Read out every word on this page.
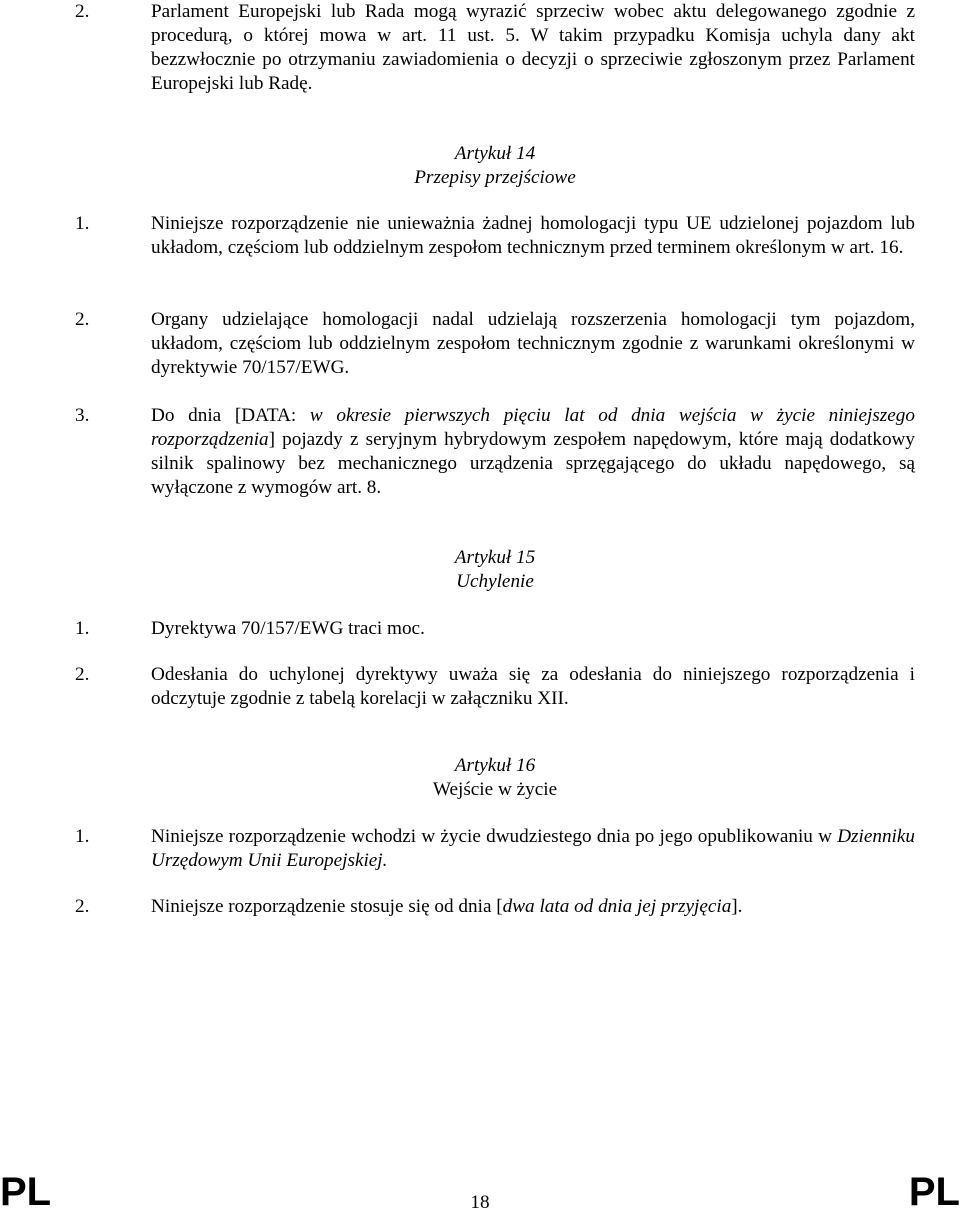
2.	Parlament Europejski lub Rada mogą wyrazić sprzeciw wobec aktu delegowanego zgodnie z procedurą, o której mowa w art. 11 ust. 5. W takim przypadku Komisja uchyla dany akt bezzwłocznie po otrzymaniu zawiadomienia o decyzji o sprzeciwie zgłoszonym przez Parlament Europejski lub Radę.
Artykuł 14
Przepisy przejściowe
1.	Niniejsze rozporządzenie nie unieważnia żadnej homologacji typu UE udzielonej pojazdom lub układom, częściom lub oddzielnym zespołom technicznym przed terminem określonym w art. 16.
2.	Organy udzielające homologacji nadal udzielają rozszerzenia homologacji tym pojazdom, układom, częściom lub oddzielnym zespołom technicznym zgodnie z warunkami określonymi w dyrektywie 70/157/EWG.
3.	Do dnia [DATA: w okresie pierwszych pięciu lat od dnia wejścia w życie niniejszego rozporządzenia] pojazdy z seryjnym hybrydowym zespołem napędowym, które mają dodatkowy silnik spalinowy bez mechanicznego urządzenia sprzęgającego do układu napędowego, są wyłączone z wymogów art. 8.
Artykuł 15
Uchylenie
1.	Dyrektywa 70/157/EWG traci moc.
2.	Odesłania do uchylonej dyrektywy uważa się za odesłania do niniejszego rozporządzenia i odczytuje zgodnie z tabelą korelacji w załączniku XII.
Artykuł 16
Wejście w życie
1.	Niniejsze rozporządzenie wchodzi w życie dwudziestego dnia po jego opublikowaniu w Dzienniku Urzędowym Unii Europejskiej.
2.	Niniejsze rozporządzenie stosuje się od dnia [dwa lata od dnia jej przyjęcia].
PL	18	PL
